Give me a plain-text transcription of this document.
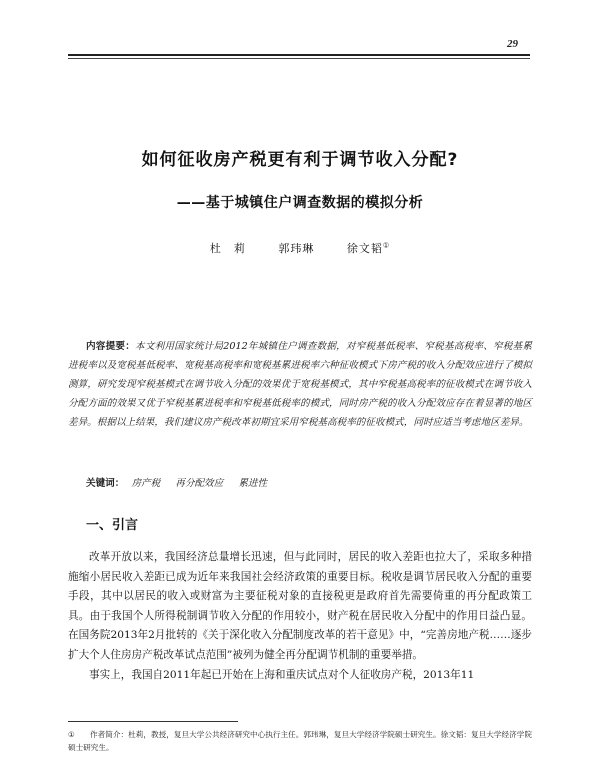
29
如何征收房产税更有利于调节收入分配?
——基于城镇住户调查数据的模拟分析
杜　莉	郭玮琳	徐文韬①
内容提要：本文利用国家统计局2012年城镇住户调查数据，对窄税基低税率、窄税基高税率、窄税基累进税率以及宽税基低税率、宽税基高税率和宽税基累进税率六种征收模式下房产税的收入分配效应进行了模拟测算，研究发现窄税基模式在调节收入分配的效果优于宽税基模式，其中窄税基高税率的征收模式在调节收入分配方面的效果又优于窄税基累进税率和窄税基低税率的模式，同时房产税的收入分配效应存在着显著的地区差异。根据以上结果，我们建议房产税改革初期宜采用窄税基高税率的征收模式，同时应适当考虑地区差异。
关键词： 房产税 再分配效应 累进性
一、引言

改革开放以来，我国经济总量增长迅速，但与此同时，居民的收入差距也拉大了，采取多种措施缩小居民收入差距已成为近年来我国社会经济政策的重要目标。税收是调节居民收入分配的重要手段，其中以居民的收入或财富为主要征税对象的直接税更是政府首先需要倚重的再分配政策工具。由于我国个人所得税制调节收入分配的作用较小，财产税在居民收入分配中的作用日益凸显。在国务院2013年2月批转的《关于深化收入分配制度改革的若干意见》中，“完善房地产税……逐步扩大个人住房房产税改革试点范围”被列为健全再分配调节机制的重要举措。

事实上，我国自2011年起已开始在上海和重庆试点对个人征收房产税，2013年11

① 作者简介：杜莉，教授，复旦大学公共经济研究中心执行主任。郭玮琳，复旦大学经济学院硕士研究生。徐文韬：复旦大学经济学院硕士研究生。
